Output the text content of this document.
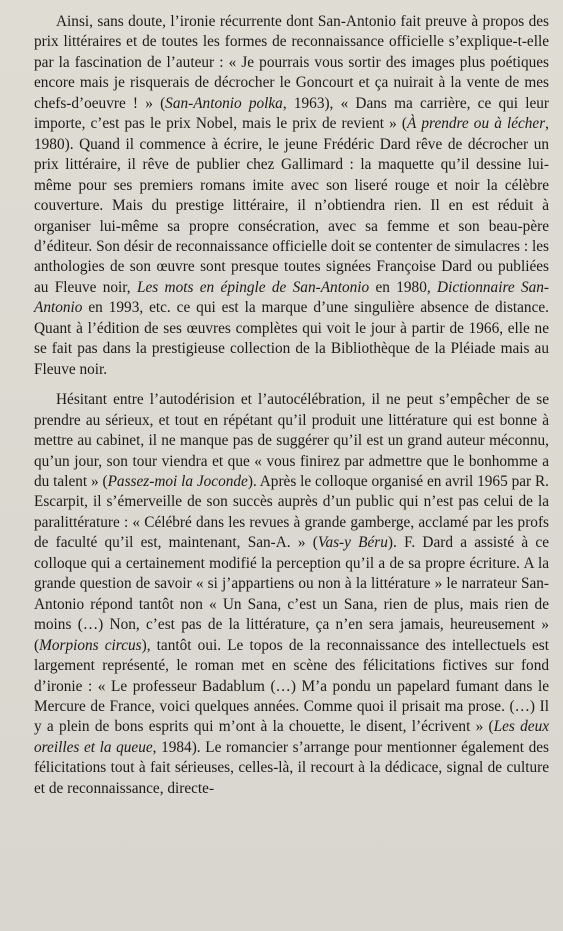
Ainsi, sans doute, l’ironie récurrente dont San-Antonio fait preuve à propos des prix littéraires et de toutes les formes de reconnaissance officielle s’explique-t-elle par la fascination de l’auteur : « Je pourrais vous sortir des images plus poétiques encore mais je risquerais de décrocher le Goncourt et ça nuirait à la vente de mes chefs-d’oeuvre ! » (San-Antonio polka, 1963), « Dans ma carrière, ce qui leur importe, c’est pas le prix Nobel, mais le prix de revient » (À prendre ou à lécher, 1980). Quand il commence à écrire, le jeune Frédéric Dard rêve de décrocher un prix littéraire, il rêve de publier chez Gallimard : la maquette qu’il dessine lui-même pour ses premiers romans imite avec son liseré rouge et noir la célèbre couverture. Mais du prestige littéraire, il n’obtiendra rien. Il en est réduit à organiser lui-même sa propre consécration, avec sa femme et son beau-père d’éditeur. Son désir de reconnaissance officielle doit se contenter de simulacres : les anthologies de son œuvre sont presque toutes signées Françoise Dard ou publiées au Fleuve noir, Les mots en épingle de San-Antonio en 1980, Dictionnaire San-Antonio en 1993, etc. ce qui est la marque d’une singulière absence de distance. Quant à l’édition de ses œuvres complètes qui voit le jour à partir de 1966, elle ne se fait pas dans la prestigieuse collection de la Bibliothèque de la Pléiade mais au Fleuve noir.

Hésitant entre l’autodérision et l’autocélébration, il ne peut s’empêcher de se prendre au sérieux, et tout en répétant qu’il produit une littérature qui est bonne à mettre au cabinet, il ne manque pas de suggérer qu’il est un grand auteur méconnu, qu’un jour, son tour viendra et que « vous finirez par admettre que le bonhomme a du talent » (Passez-moi la Joconde). Après le colloque organisé en avril 1965 par R. Escarpit, il s’émerveille de son succès auprès d’un public qui n’est pas celui de la paralittérature : « Célébré dans les revues à grande gamberge, acclamé par les profs de faculté qu’il est, maintenant, San-A. » (Vas-y Béru). F. Dard a assisté à ce colloque qui a certainement modifié la perception qu’il a de sa propre écriture. A la grande question de savoir « si j’appartiens ou non à la littérature » le narrateur San-Antonio répond tantôt non « Un Sana, c’est un Sana, rien de plus, mais rien de moins (…) Non, c’est pas de la littérature, ça n’en sera jamais, heureusement » (Morpions circus), tantôt oui. Le topos de la reconnaissance des intellectuels est largement représenté, le roman met en scène des félicitations fictives sur fond d’ironie : « Le professeur Badablum (…) M’a pondu un papelard fumant dans le Mercure de France, voici quelques années. Comme quoi il prisait ma prose. (…) Il y a plein de bons esprits qui m’ont à la chouette, le disent, l’écrivent » (Les deux oreilles et la queue, 1984). Le romancier s’arrange pour mentionner également des félicitations tout à fait sérieuses, celles-là, il recourt à la dédicace, signal de culture et de reconnaissance, directe-
